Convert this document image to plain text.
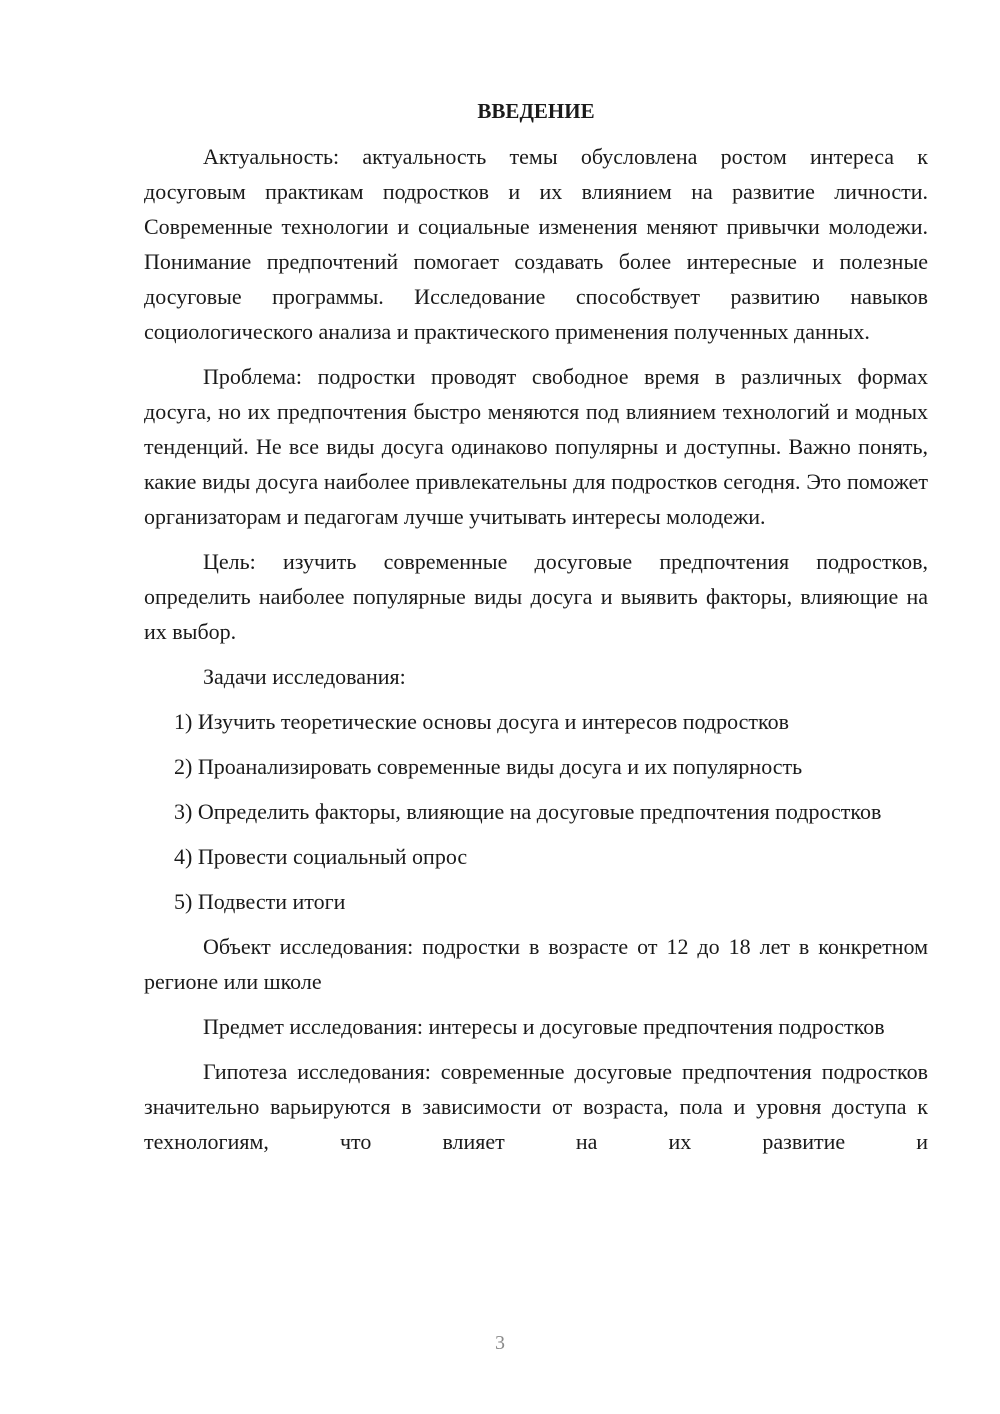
ВВЕДЕНИЕ

Актуальность: актуальность темы обусловлена ростом интереса к досуговым практикам подростков и их влиянием на развитие личности. Современные технологии и социальные изменения меняют привычки молодежи. Понимание предпочтений помогает создавать более интересные и полезные досуговые программы. Исследование способствует развитию навыков социологического анализа и практического применения полученных данных.

Проблема: подростки проводят свободное время в различных формах досуга, но их предпочтения быстро меняются под влиянием технологий и модных тенденций. Не все виды досуга одинаково популярны и доступны. Важно понять, какие виды досуга наиболее привлекательны для подростков сегодня. Это поможет организаторам и педагогам лучше учитывать интересы молодежи.

Цель: изучить современные досуговые предпочтения подростков, определить наиболее популярные виды досуга и выявить факторы, влияющие на их выбор.

Задачи исследования:

1) Изучить теоретические основы досуга и интересов подростков

2) Проанализировать современные виды досуга и их популярность

3) Определить факторы, влияющие на досуговые предпочтения подростков

4) Провести социальный опрос

5) Подвести итоги

Объект исследования: подростки в возрасте от 12 до 18 лет в конкретном регионе или школе

Предмет исследования: интересы и досуговые предпочтения подростков

Гипотеза исследования: современные досуговые предпочтения подростков значительно варьируются в зависимости от возраста, пола и уровня доступа к технологиям, что влияет на их развитие и

3
